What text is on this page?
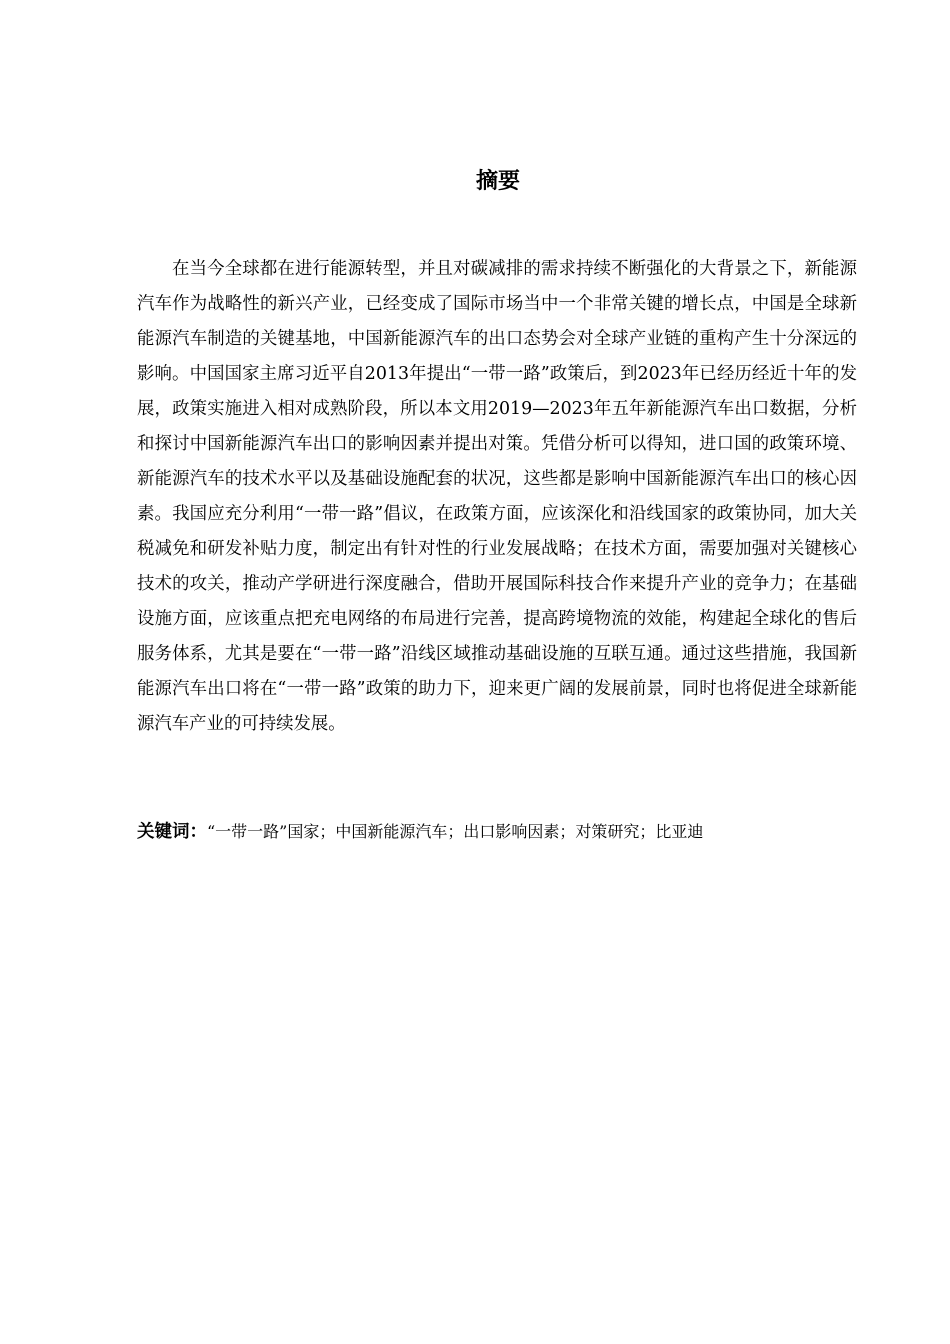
摘要

在当今全球都在进行能源转型，并且对碳减排的需求持续不断强化的大背景之下，新能源汽车作为战略性的新兴产业，已经变成了国际市场当中一个非常关键的增长点，中国是全球新能源汽车制造的关键基地，中国新能源汽车的出口态势会对全球产业链的重构产生十分深远的影响。中国国家主席习近平自2013年提出“一带一路”政策后，到2023年已经历经近十年的发展，政策实施进入相对成熟阶段，所以本文用2019—2023年五年新能源汽车出口数据，分析和探讨中国新能源汽车出口的影响因素并提出对策。凭借分析可以得知，进口国的政策环境、新能源汽车的技术水平以及基础设施配套的状况，这些都是影响中国新能源汽车出口的核心因素。我国应充分利用“一带一路”倡议，在政策方面，应该深化和沿线国家的政策协同，加大关税减免和研发补贴力度，制定出有针对性的行业发展战略；在技术方面，需要加强对关键核心技术的攻关，推动产学研进行深度融合，借助开展国际科技合作来提升产业的竞争力；在基础设施方面，应该重点把充电网络的布局进行完善，提高跨境物流的效能，构建起全球化的售后服务体系，尤其是要在“一带一路”沿线区域推动基础设施的互联互通。通过这些措施，我国新能源汽车出口将在“一带一路”政策的助力下，迎来更广阔的发展前景，同时也将促进全球新能源汽车产业的可持续发展。

关键词：“一带一路”国家；中国新能源汽车；出口影响因素；对策研究；比亚迪
